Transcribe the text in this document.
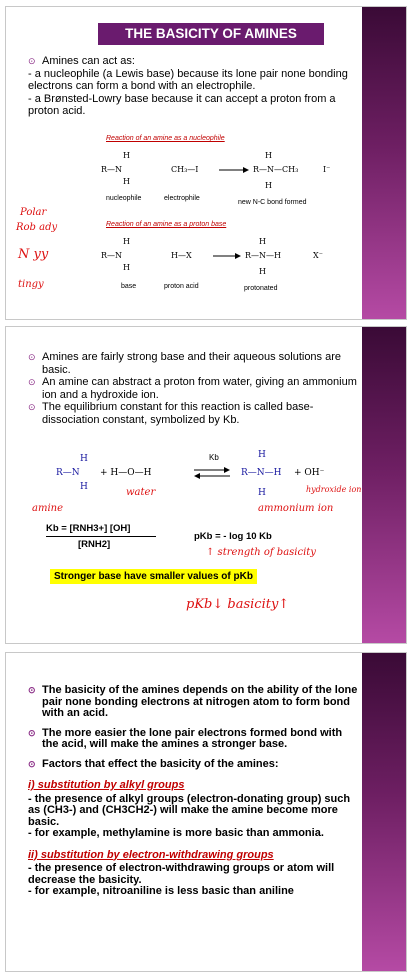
THE BASICITY OF AMINES

⊙ Amines can act as:

- a nucleophile (a Lewis base) because its lone pair none bonding electrons can form a bond with an electrophile.

- a Brønsted-Lowry base because it can accept a proton from a proton acid.

Reaction of an amine as a nucleophile
R—N
H
H
CH₃—I	R—N—CH₃
H
H
I⁻
nucleophile	electrophile
new N-C bond formed
Reaction of an amine as a proton base
R—N
H
H
H—X	R—N—H
H
H
X⁻
base	proton acid	protonated
Polar
Rob ady
N yy
tingy

⊙ Amines are fairly strong base and their aqueous solutions are basic.

⊙ An amine can abstract a proton from water, giving an ammonium ion and a hydroxide ion.

⊙ The equilibrium constant for this reaction is called base-dissociation constant, symbolized by Kb.

R—N
H
H
+ H—O—H	R—N—H
H
H
+ OH⁻
Kb
amine
water
ammonium ion
hydroxide ion
Kb = [RNH3+] [OH]
[RNH2]
pKb = - log 10 Kb
↑ strength of basicity
Stronger base have smaller values of pKb
pKb↓ basicity↑

⊙ The basicity of the amines depends on the ability of the lone pair none bonding electrons at nitrogen atom to form bond with an acid.

⊙ The more easier the lone pair electrons formed bond with the acid, will make the amines a stronger base.

⊙ Factors that effect the basicity of the amines:

i) substitution by alkyl groups

- the presence of alkyl groups (electron-donating group) such as (CH3-) and (CH3CH2-) will make the amine become more basic.

- for example, methylamine is more basic than ammonia.

ii) substitution by electron-withdrawing groups

- the presence of electron-withdrawing groups or atom will decrease the basicity.

- for example, nitroaniline is less basic than aniline
